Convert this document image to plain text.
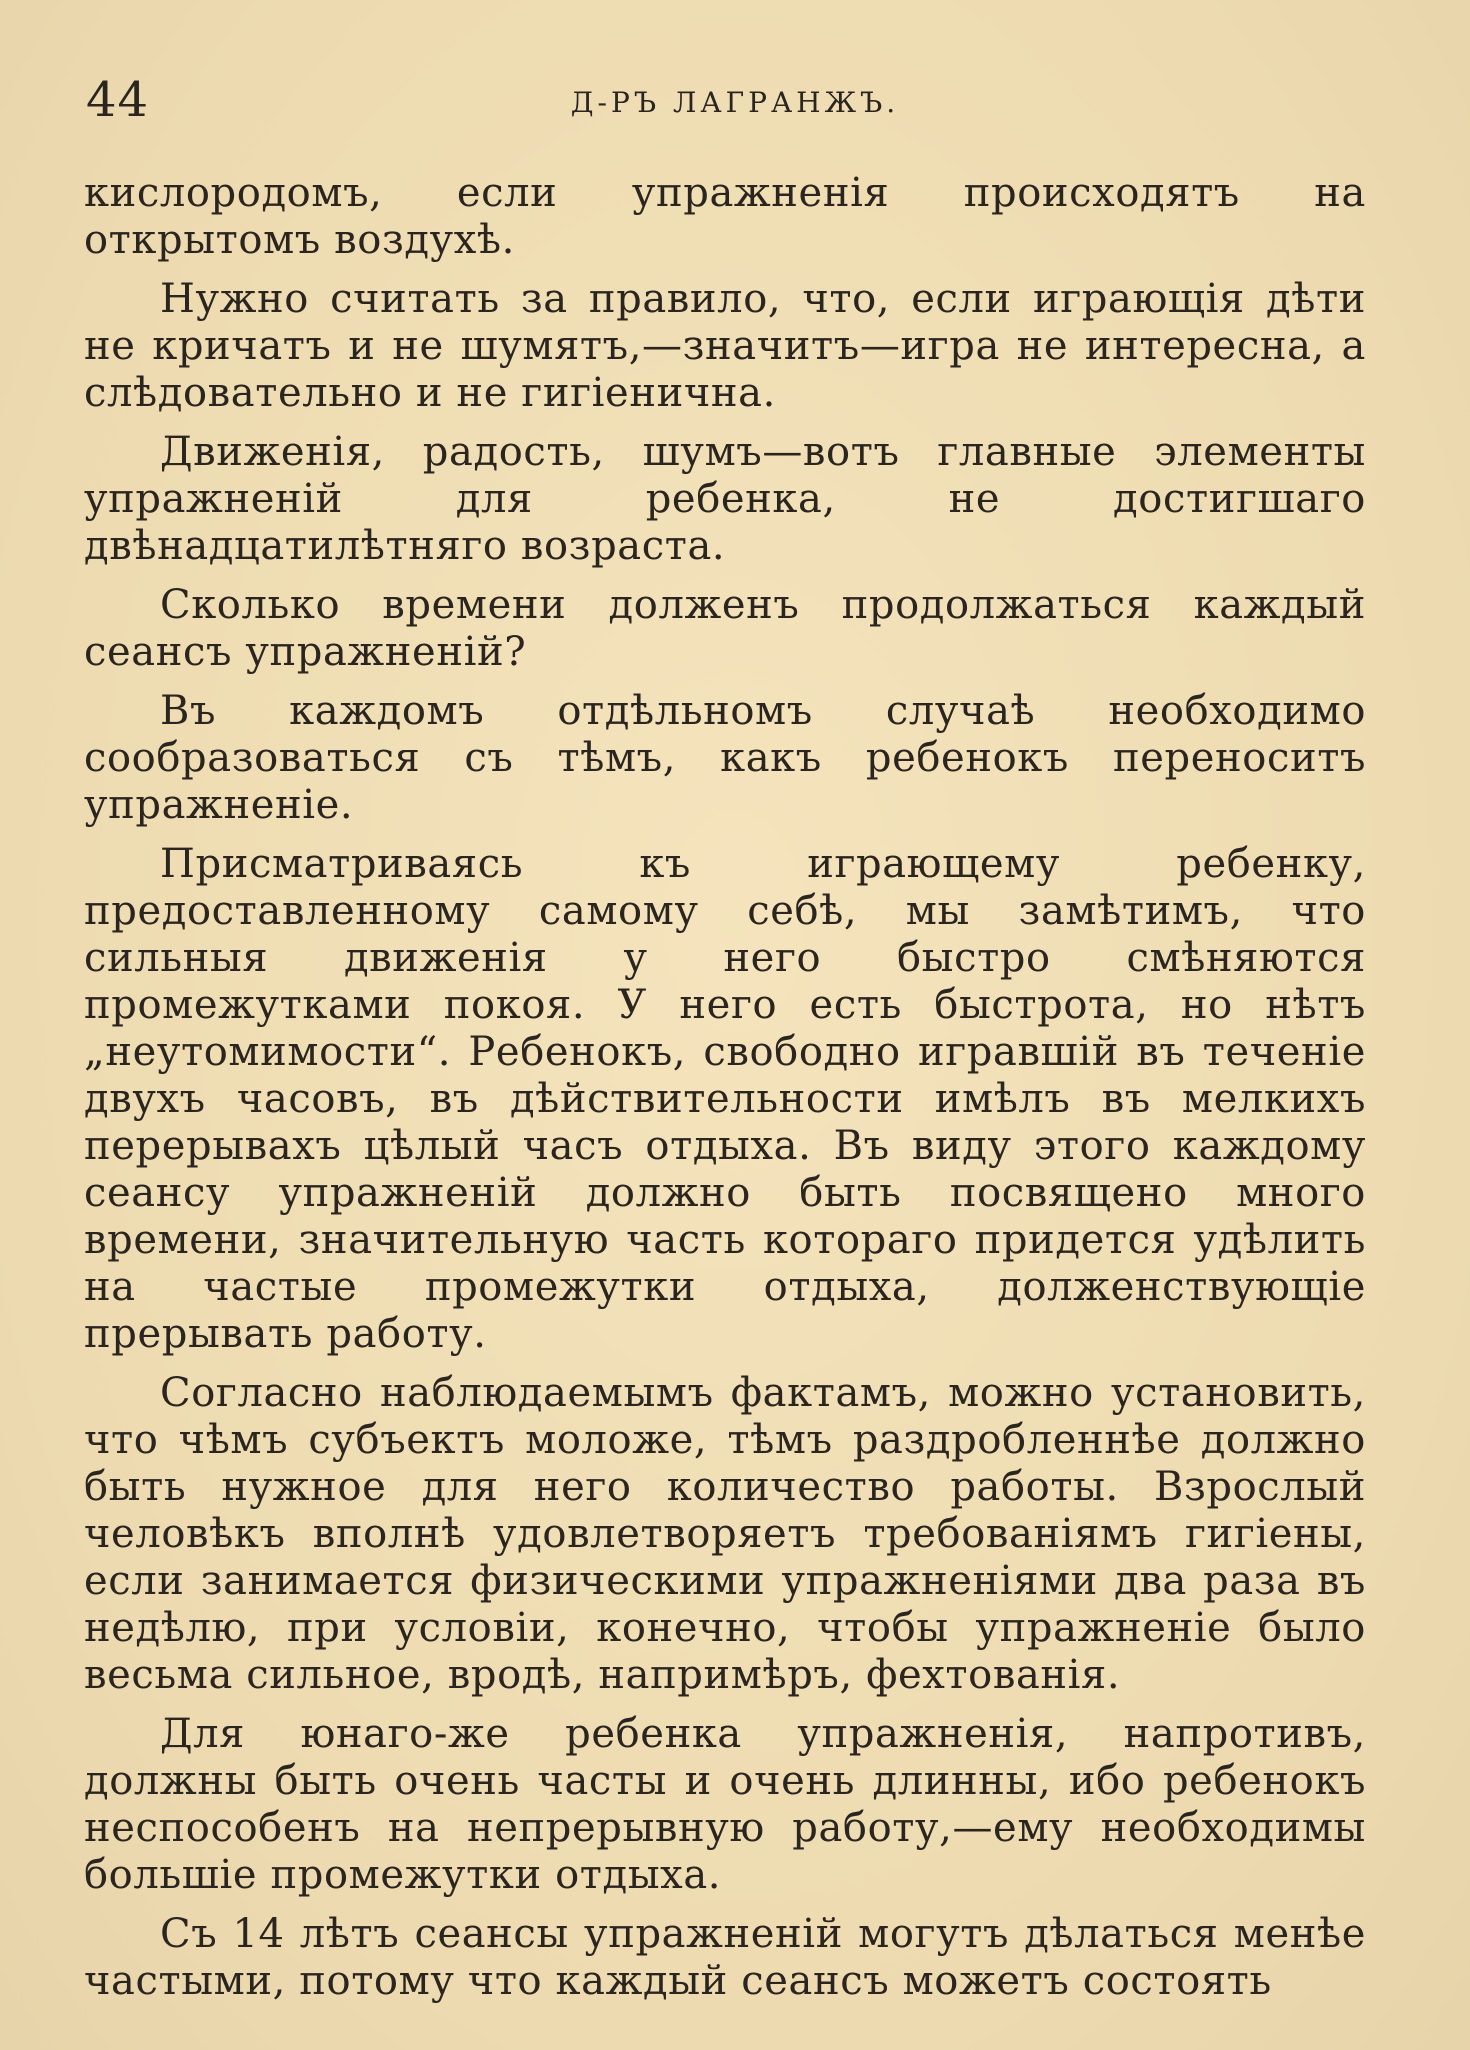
44	Д-РЪ ЛАГРАНЖЪ.

кислородомъ, если упражненія происходятъ на открытомъ воздухѣ.

Нужно считать за правило, что, если играющія дѣти не кричатъ и не шумятъ,—значитъ—игра не интересна, а слѣдовательно и не гигіенична.

Движенія, радость, шумъ—вотъ главные элементы упражненій для ребенка, не достигшаго двѣнадцатилѣтняго возраста.

Сколько времени долженъ продолжаться каждый сеансъ упражненій?

Въ каждомъ отдѣльномъ случаѣ необходимо сообразоваться съ тѣмъ, какъ ребенокъ переноситъ упражненіе.

Присматриваясь къ играющему ребенку, предоставленному самому себѣ, мы замѣтимъ, что сильныя движенія у него быстро смѣняются промежутками покоя. У него есть быстрота, но нѣтъ „неутомимости“. Ребенокъ, свободно игравшій въ теченіе двухъ часовъ, въ дѣйствительности имѣлъ въ мелкихъ перерывахъ цѣлый часъ отдыха. Въ виду этого каждому сеансу упражненій должно быть посвящено много времени, значительную часть котораго придется удѣлить на частые промежутки отдыха, долженствующіе прерывать работу.

Согласно наблюдаемымъ фактамъ, можно установить, что чѣмъ субъектъ моложе, тѣмъ раздробленнѣе должно быть нужное для него количество работы. Взрослый человѣкъ вполнѣ удовлетворяетъ требованіямъ гигіены, если занимается физическими упражненіями два раза въ недѣлю, при условіи, конечно, чтобы упражненіе было весьма сильное, вродѣ, напримѣръ, фехтованія.

Для юнаго-же ребенка упражненія, напротивъ, должны быть очень часты и очень длинны, ибо ребенокъ неспособенъ на непрерывную работу,—ему необходимы большіе промежутки отдыха.

Съ 14 лѣтъ сеансы упражненій могутъ дѣлаться менѣе частыми, потому что каждый сеансъ можетъ состоять
